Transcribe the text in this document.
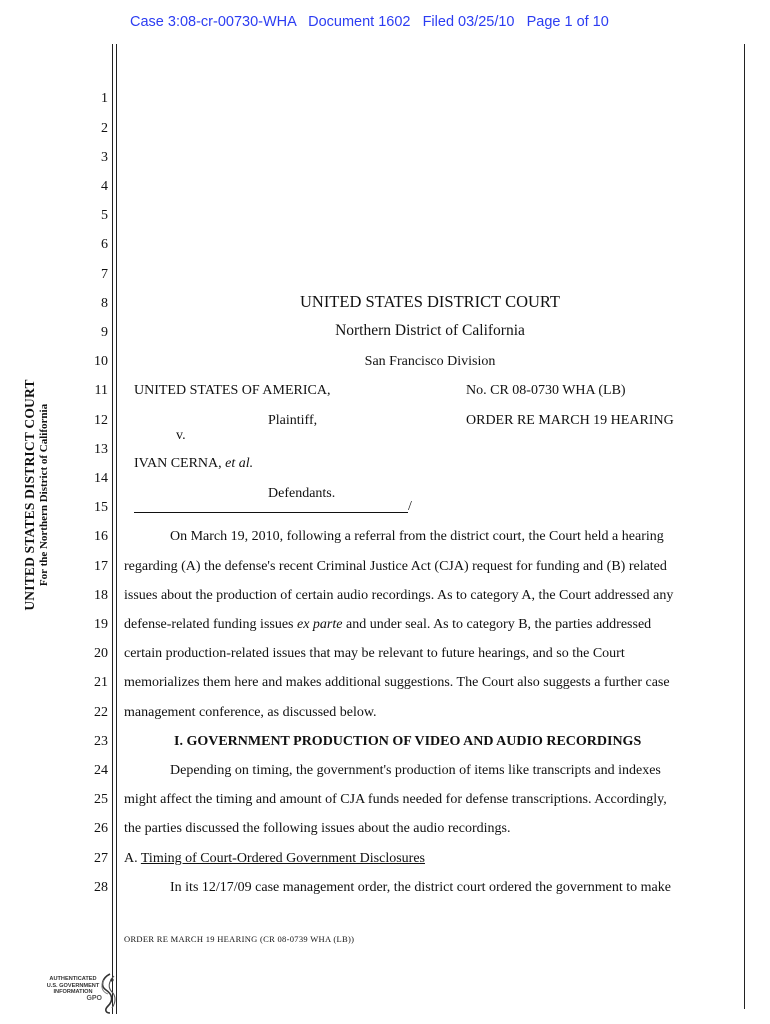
Case 3:08-cr-00730-WHA Document 1602 Filed 03/25/10 Page 1 of 10
UNITED STATES DISTRICT COURT For the Northern District of California
1
2
3
4
5
6
7
8
9
10
11
12
13
14
15
16
17
18
19
20
21
22
23
24
25
26
27
28
UNITED STATES DISTRICT COURT
Northern District of California
San Francisco Division
UNITED STATES OF AMERICA,	No. CR 08-0730 WHA (LB)
Plaintiff,	ORDER RE MARCH 19 HEARING
v.
IVAN CERNA, et al.
Defendants.
/
On March 19, 2010, following a referral from the district court, the Court held a hearing
regarding (A) the defense's recent Criminal Justice Act (CJA) request for funding and (B) related
issues about the production of certain audio recordings. As to category A, the Court addressed any
defense-related funding issues ex parte and under seal. As to category B, the parties addressed
certain production-related issues that may be relevant to future hearings, and so the Court
memorializes them here and makes additional suggestions. The Court also suggests a further case
management conference, as discussed below.
I. GOVERNMENT PRODUCTION OF VIDEO AND AUDIO RECORDINGS
Depending on timing, the government's production of items like transcripts and indexes
might affect the timing and amount of CJA funds needed for defense transcriptions. Accordingly,
the parties discussed the following issues about the audio recordings.
A. Timing of Court-Ordered Government Disclosures
In its 12/17/09 case management order, the district court ordered the government to make
ORDER RE MARCH 19 HEARING (CR 08-0739 WHA (LB))
AUTHENTICATED
U.S. GOVERNMENT
INFORMATION
GPO
